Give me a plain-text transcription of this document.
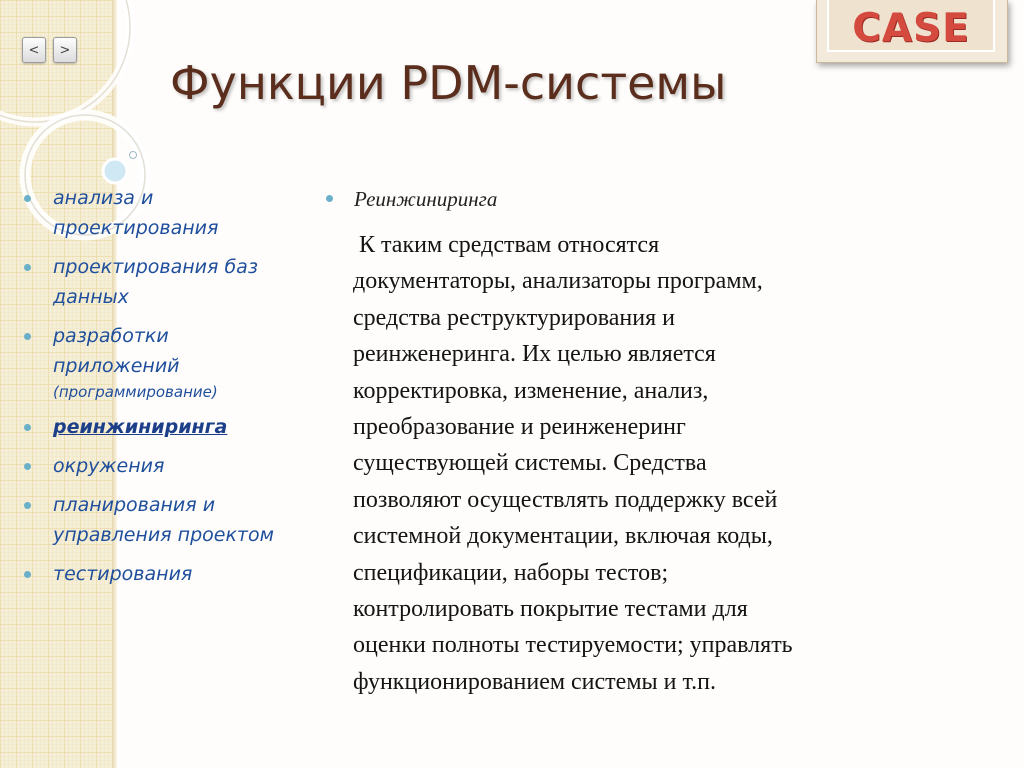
<	>	CASE
Функции PDM-системы
анализа и проектирования
проектирования баз данных
разработки приложений
(программирование)
реинжиниринга
окружения
планирования и управления проектом
тестирования
Реинжиниринга
К таким средствам относятся
документаторы, анализаторы программ,
средства реструктурирования и
реинженеринга. Их целью является
корректировка, изменение, анализ,
преобразование и реинженеринг
существующей системы. Средства
позволяют осуществлять поддержку всей
системной документации, включая коды,
спецификации, наборы тестов;
контролировать покрытие тестами для
оценки полноты тестируемости; управлять
функционированием системы и т.п.
